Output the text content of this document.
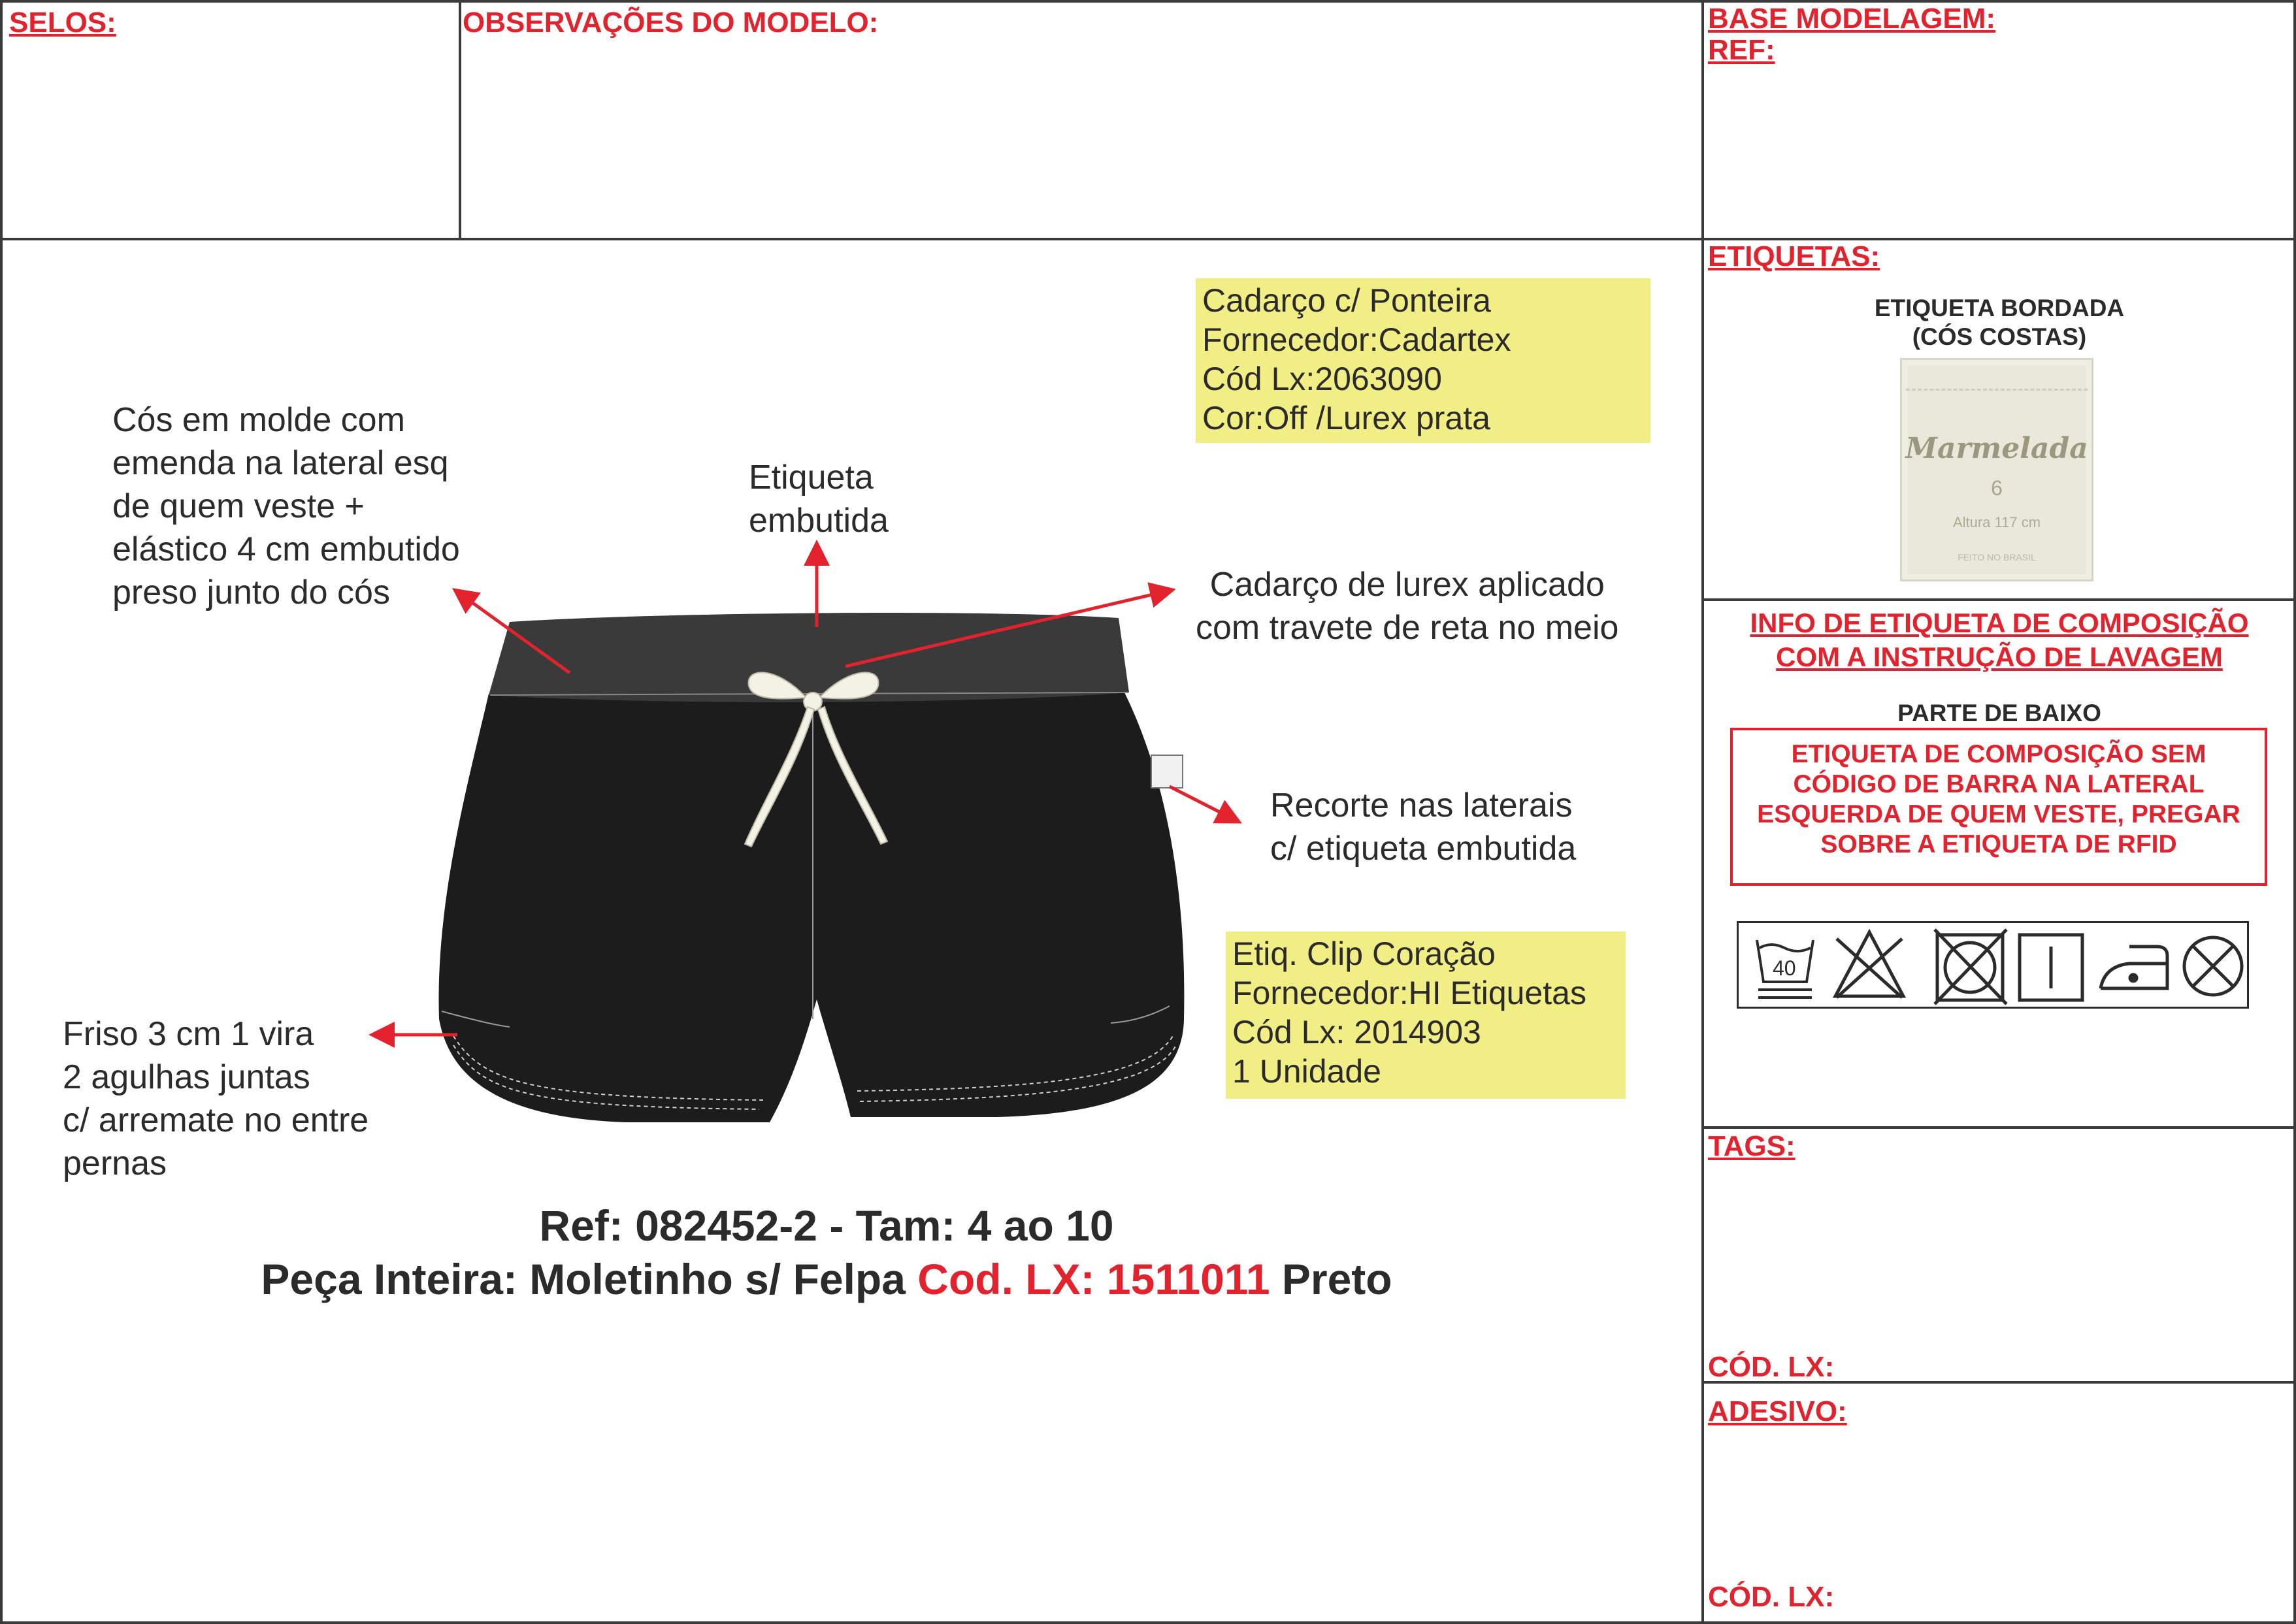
SELOS:	OBSERVAÇÕES DO MODELO:	BASE MODELAGEM:
REF:
ETIQUETAS:
ETIQUETA BORDADA
(CÓS COSTAS)
Marmelada
6
Altura 117 cm
FEITO NO BRASIL
INFO DE ETIQUETA DE COMPOSIÇÃO
COM A INSTRUÇÃO DE LAVAGEM
PARTE DE BAIXO
ETIQUETA DE COMPOSIÇÃO SEM
CÓDIGO DE BARRA NA LATERAL
ESQUERDA DE QUEM VESTE, PREGAR
SOBRE A ETIQUETA DE RFID
40
TAGS:
CÓD. LX:
ADESIVO:
CÓD. LX:
Cós em molde com
emenda na lateral esq
de quem veste +
elástico 4 cm embutido
preso junto do cós
Etiqueta
embutida
Cadarço de lurex aplicado
com travete de reta no meio
Recorte nas laterais
c/ etiqueta embutida
Friso 3 cm 1 vira
2 agulhas juntas
c/ arremate no entre
pernas
Cadarço c/ Ponteira
Fornecedor:Cadartex
Cód Lx:2063090
Cor:Off /Lurex prata
Etiq. Clip Coração
Fornecedor:HI Etiquetas
Cód Lx: 2014903
1 Unidade
Ref: 082452-2 - Tam: 4 ao 10
Peça Inteira: Moletinho s/ Felpa Cod. LX: 1511011 Preto
